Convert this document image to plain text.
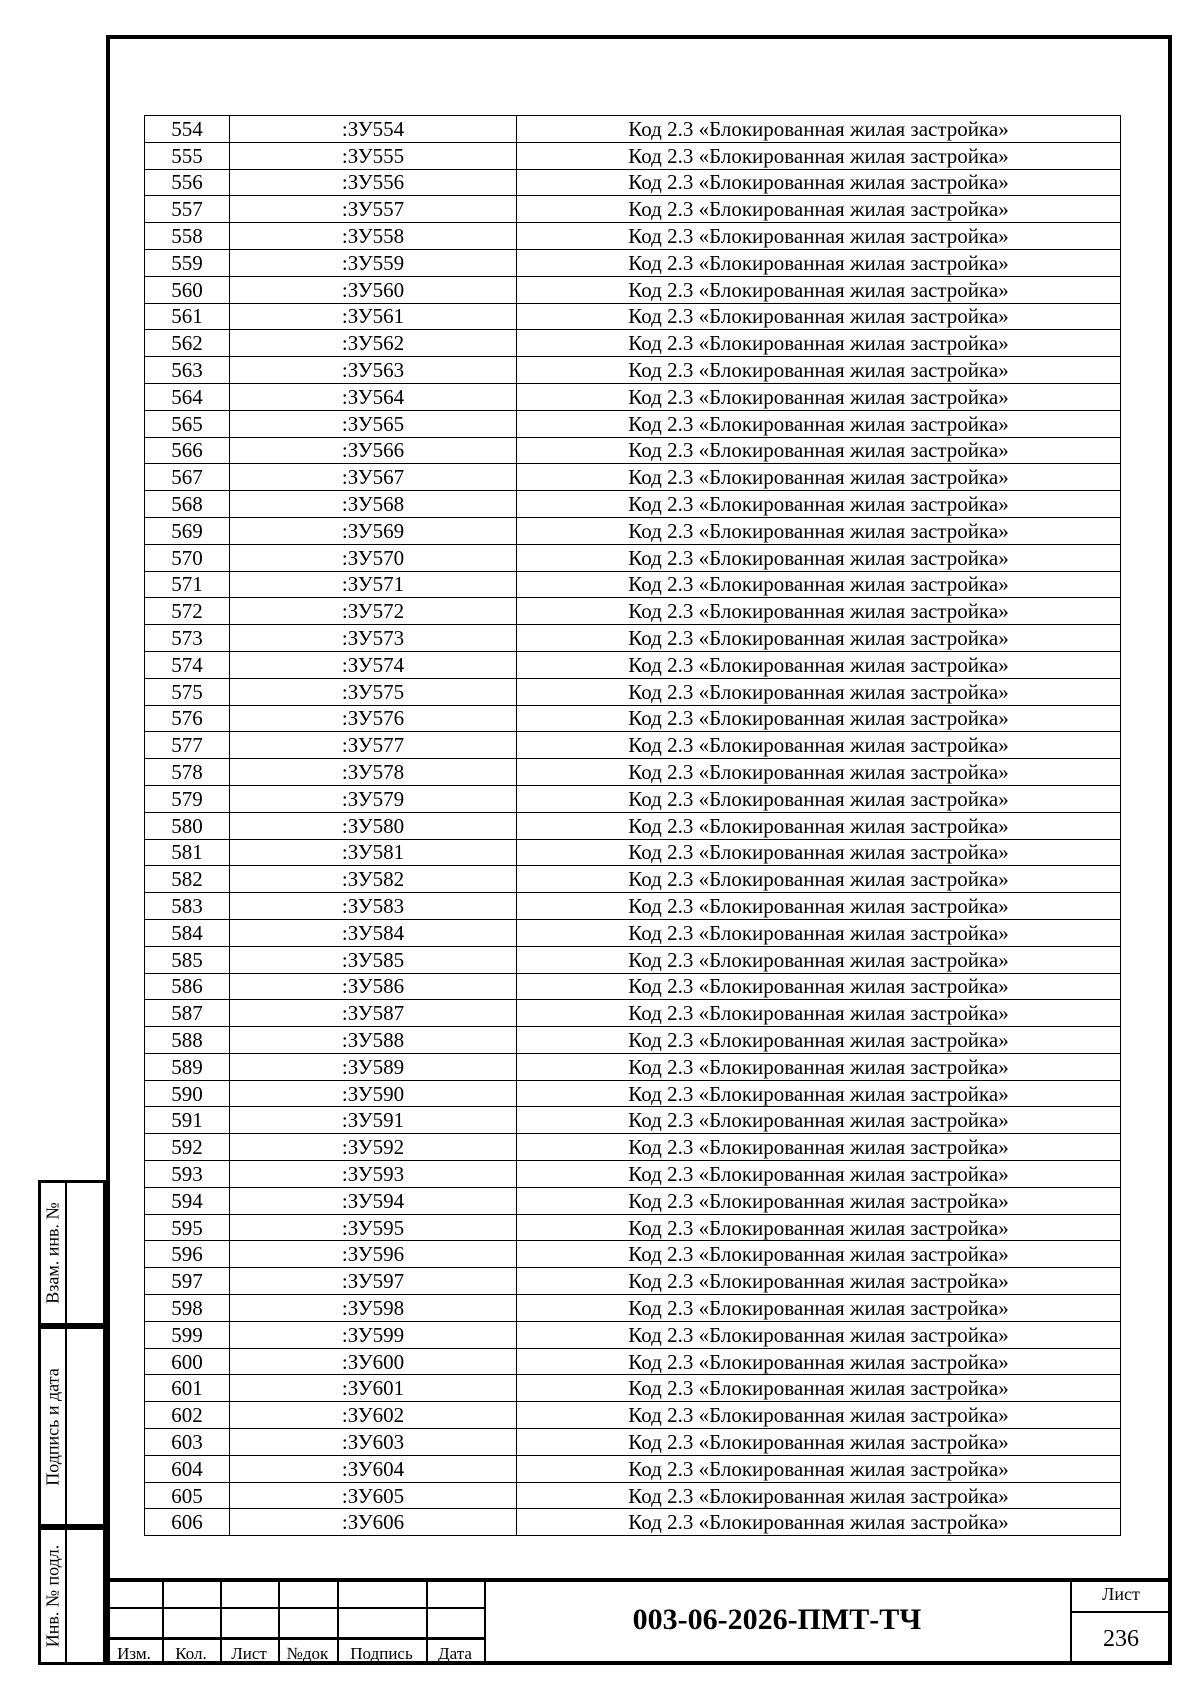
554	:ЗУ554	Код 2.3 «Блокированная жилая застройка»
555	:ЗУ555	Код 2.3 «Блокированная жилая застройка»
556	:ЗУ556	Код 2.3 «Блокированная жилая застройка»
557	:ЗУ557	Код 2.3 «Блокированная жилая застройка»
558	:ЗУ558	Код 2.3 «Блокированная жилая застройка»
559	:ЗУ559	Код 2.3 «Блокированная жилая застройка»
560	:ЗУ560	Код 2.3 «Блокированная жилая застройка»
561	:ЗУ561	Код 2.3 «Блокированная жилая застройка»
562	:ЗУ562	Код 2.3 «Блокированная жилая застройка»
563	:ЗУ563	Код 2.3 «Блокированная жилая застройка»
564	:ЗУ564	Код 2.3 «Блокированная жилая застройка»
565	:ЗУ565	Код 2.3 «Блокированная жилая застройка»
566	:ЗУ566	Код 2.3 «Блокированная жилая застройка»
567	:ЗУ567	Код 2.3 «Блокированная жилая застройка»
568	:ЗУ568	Код 2.3 «Блокированная жилая застройка»
569	:ЗУ569	Код 2.3 «Блокированная жилая застройка»
570	:ЗУ570	Код 2.3 «Блокированная жилая застройка»
571	:ЗУ571	Код 2.3 «Блокированная жилая застройка»
572	:ЗУ572	Код 2.3 «Блокированная жилая застройка»
573	:ЗУ573	Код 2.3 «Блокированная жилая застройка»
574	:ЗУ574	Код 2.3 «Блокированная жилая застройка»
575	:ЗУ575	Код 2.3 «Блокированная жилая застройка»
576	:ЗУ576	Код 2.3 «Блокированная жилая застройка»
577	:ЗУ577	Код 2.3 «Блокированная жилая застройка»
578	:ЗУ578	Код 2.3 «Блокированная жилая застройка»
579	:ЗУ579	Код 2.3 «Блокированная жилая застройка»
580	:ЗУ580	Код 2.3 «Блокированная жилая застройка»
581	:ЗУ581	Код 2.3 «Блокированная жилая застройка»
582	:ЗУ582	Код 2.3 «Блокированная жилая застройка»
583	:ЗУ583	Код 2.3 «Блокированная жилая застройка»
584	:ЗУ584	Код 2.3 «Блокированная жилая застройка»
585	:ЗУ585	Код 2.3 «Блокированная жилая застройка»
586	:ЗУ586	Код 2.3 «Блокированная жилая застройка»
587	:ЗУ587	Код 2.3 «Блокированная жилая застройка»
588	:ЗУ588	Код 2.3 «Блокированная жилая застройка»
589	:ЗУ589	Код 2.3 «Блокированная жилая застройка»
590	:ЗУ590	Код 2.3 «Блокированная жилая застройка»
591	:ЗУ591	Код 2.3 «Блокированная жилая застройка»
592	:ЗУ592	Код 2.3 «Блокированная жилая застройка»
593	:ЗУ593	Код 2.3 «Блокированная жилая застройка»
594	:ЗУ594	Код 2.3 «Блокированная жилая застройка»
595	:ЗУ595	Код 2.3 «Блокированная жилая застройка»
596	:ЗУ596	Код 2.3 «Блокированная жилая застройка»
597	:ЗУ597	Код 2.3 «Блокированная жилая застройка»
598	:ЗУ598	Код 2.3 «Блокированная жилая застройка»
599	:ЗУ599	Код 2.3 «Блокированная жилая застройка»
600	:ЗУ600	Код 2.3 «Блокированная жилая застройка»
601	:ЗУ601	Код 2.3 «Блокированная жилая застройка»
602	:ЗУ602	Код 2.3 «Блокированная жилая застройка»
603	:ЗУ603	Код 2.3 «Блокированная жилая застройка»
604	:ЗУ604	Код 2.3 «Блокированная жилая застройка»
605	:ЗУ605	Код 2.3 «Блокированная жилая застройка»
606	:ЗУ606	Код 2.3 «Блокированная жилая застройка»
Взам. инв. №
Подпись и дата
Инв. № подл.
Изм.	Кол.	Лист	№док	Подпись	Дата
003-06-2026-ПМТ-ТЧ
Лист
236
